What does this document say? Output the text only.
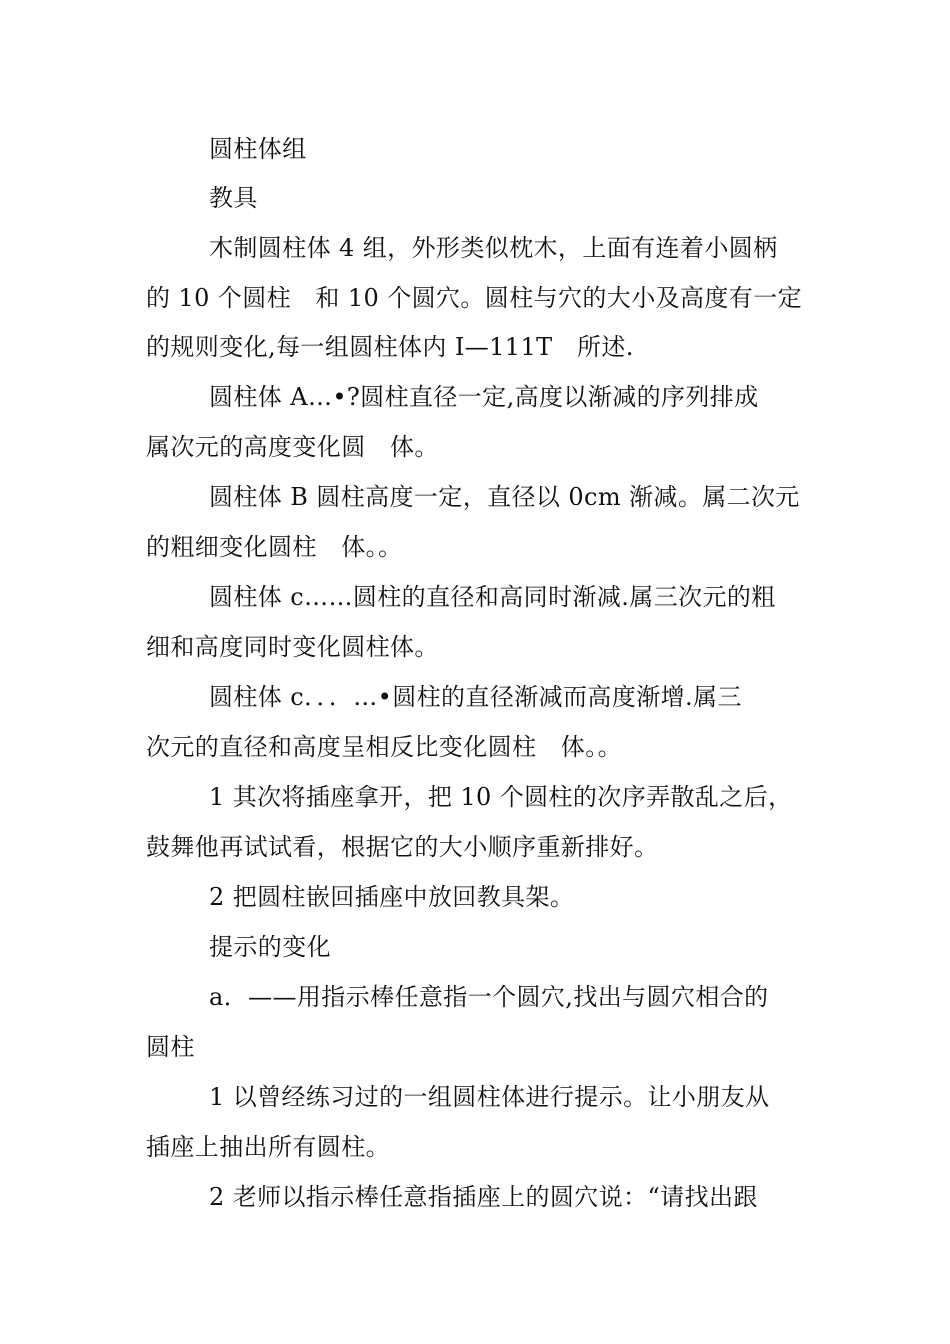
圆柱体组
教具
木制圆柱体 4 组，外形类似枕木，上面有连着小圆柄
的 10 个圆柱　和 10 个圆穴。圆柱与穴的大小及高度有一定
的规则变化,每一组圆柱体内 I—111T　所述.
圆柱体 A…•?圆柱直径一定,高度以渐减的序列排成
属次元的高度变化圆　体。
圆柱体 B 圆柱高度一定，直径以 0cm 渐减。属二次元
的粗细变化圆柱　体。。
圆柱体 c……圆柱的直径和高同时渐减.属三次元的粗
细和高度同时变化圆柱体。
圆柱体 c．．．…•圆柱的直径渐减而高度渐增.属三
次元的直径和高度呈相反比变化圆柱　体。。
1 其次将插座拿开，把 10 个圆柱的次序弄散乱之后，
鼓舞他再试试看，根据它的大小顺序重新排好。
2 把圆柱嵌回插座中放回教具架。
提示的变化
a．——用指示棒任意指一个圆穴,找出与圆穴相合的
圆柱
1 以曾经练习过的一组圆柱体进行提示。让小朋友从
插座上抽出所有圆柱。
2 老师以指示棒任意指插座上的圆穴说：“请找出跟
